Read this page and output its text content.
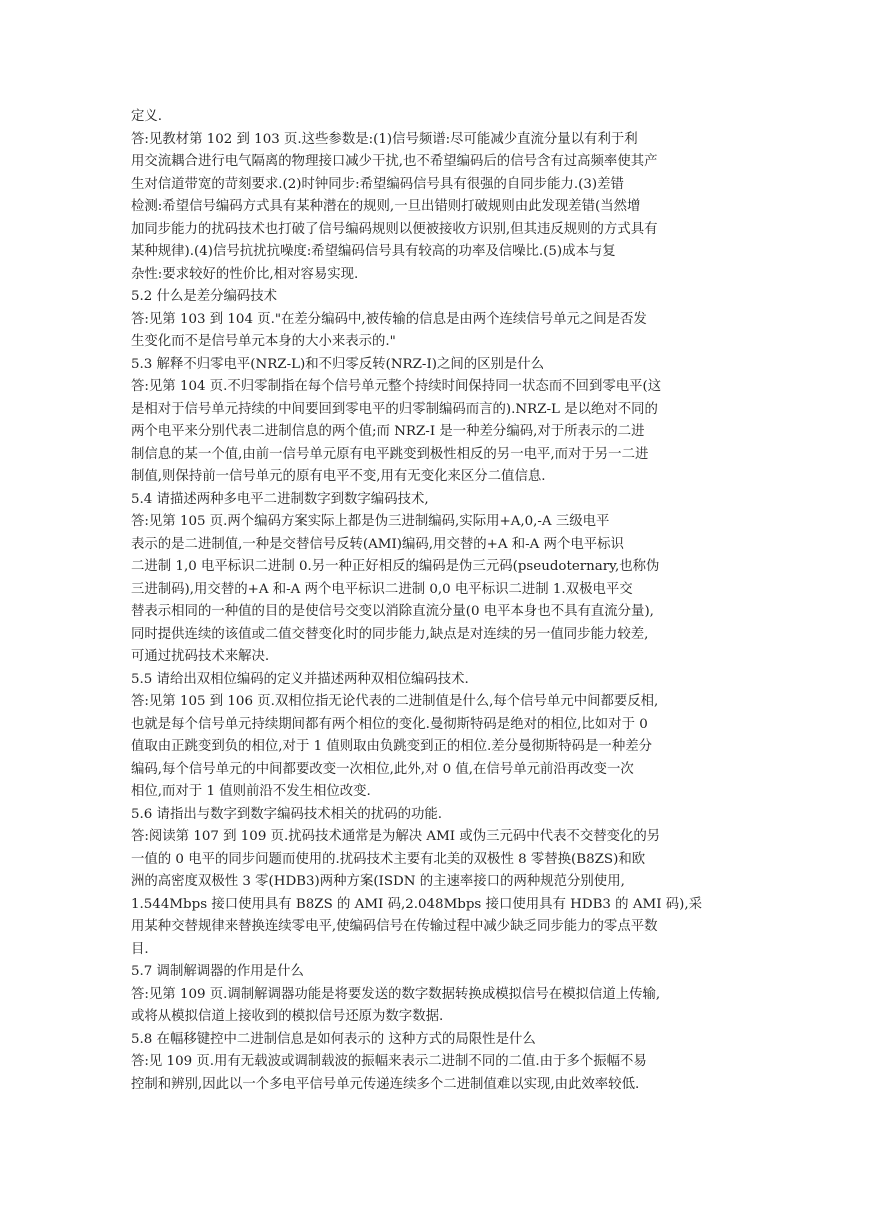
定义.
答:见教材第 102 到 103 页.这些参数是:(1)信号频谱:尽可能减少直流分量以有利于利
用交流耦合进行电气隔离的物理接口减少干扰,也不希望编码后的信号含有过高频率使其产
生对信道带宽的苛刻要求.(2)时钟同步:希望编码信号具有很强的自同步能力.(3)差错
检测:希望信号编码方式具有某种潜在的规则,一旦出错则打破规则由此发现差错(当然增
加同步能力的扰码技术也打破了信号编码规则以便被接收方识别,但其违反规则的方式具有
某种规律).(4)信号抗扰抗噪度:希望编码信号具有较高的功率及信噪比.(5)成本与复
杂性:要求较好的性价比,相对容易实现.
5.2 什么是差分编码技术
答:见第 103 到 104 页."在差分编码中,被传输的信息是由两个连续信号单元之间是否发
生变化而不是信号单元本身的大小来表示的."
5.3 解释不归零电平(NRZ-L)和不归零反转(NRZ-I)之间的区别是什么
答:见第 104 页.不归零制指在每个信号单元整个持续时间保持同一状态而不回到零电平(这
是相对于信号单元持续的中间要回到零电平的归零制编码而言的).NRZ-L 是以绝对不同的
两个电平来分别代表二进制信息的两个值;而 NRZ-I 是一种差分编码,对于所表示的二进
制信息的某一个值,由前一信号单元原有电平跳变到极性相反的另一电平,而对于另一二进
制值,则保持前一信号单元的原有电平不变,用有无变化来区分二值信息.
5.4 请描述两种多电平二进制数字到数字编码技术,
答:见第 105 页.两个编码方案实际上都是伪三进制编码,实际用+A,0,-A 三级电平
表示的是二进制值,一种是交替信号反转(AMI)编码,用交替的+A 和-A 两个电平标识
二进制 1,0 电平标识二进制 0.另一种正好相反的编码是伪三元码(pseudoternary,也称伪
三进制码),用交替的+A 和-A 两个电平标识二进制 0,0 电平标识二进制 1.双极电平交
替表示相同的一种值的目的是使信号交变以消除直流分量(0 电平本身也不具有直流分量),
同时提供连续的该值或二值交替变化时的同步能力,缺点是对连续的另一值同步能力较差,
可通过扰码技术来解决.
5.5 请给出双相位编码的定义并描述两种双相位编码技术.
答:见第 105 到 106 页.双相位指无论代表的二进制值是什么,每个信号单元中间都要反相,
也就是每个信号单元持续期间都有两个相位的变化.曼彻斯特码是绝对的相位,比如对于 0
值取由正跳变到负的相位,对于 1 值则取由负跳变到正的相位.差分曼彻斯特码是一种差分
编码,每个信号单元的中间都要改变一次相位,此外,对 0 值,在信号单元前沿再改变一次
相位,而对于 1 值则前沿不发生相位改变.
5.6 请指出与数字到数字编码技术相关的扰码的功能.
答:阅读第 107 到 109 页.扰码技术通常是为解决 AMI 或伪三元码中代表不交替变化的另
一值的 0 电平的同步问题而使用的.扰码技术主要有北美的双极性 8 零替换(B8ZS)和欧
洲的高密度双极性 3 零(HDB3)两种方案(ISDN 的主速率接口的两种规范分别使用,
1.544Mbps 接口使用具有 B8ZS 的 AMI 码,2.048Mbps 接口使用具有 HDB3 的 AMI 码),采
用某种交替规律来替换连续零电平,使编码信号在传输过程中减少缺乏同步能力的零点平数
目.
5.7 调制解调器的作用是什么
答:见第 109 页.调制解调器功能是将要发送的数字数据转换成模拟信号在模拟信道上传输,
或将从模拟信道上接收到的模拟信号还原为数字数据.
5.8 在幅移键控中二进制信息是如何表示的 这种方式的局限性是什么
答:见 109 页.用有无载波或调制载波的振幅来表示二进制不同的二值.由于多个振幅不易
控制和辨别,因此以一个多电平信号单元传递连续多个二进制值难以实现,由此效率较低.
